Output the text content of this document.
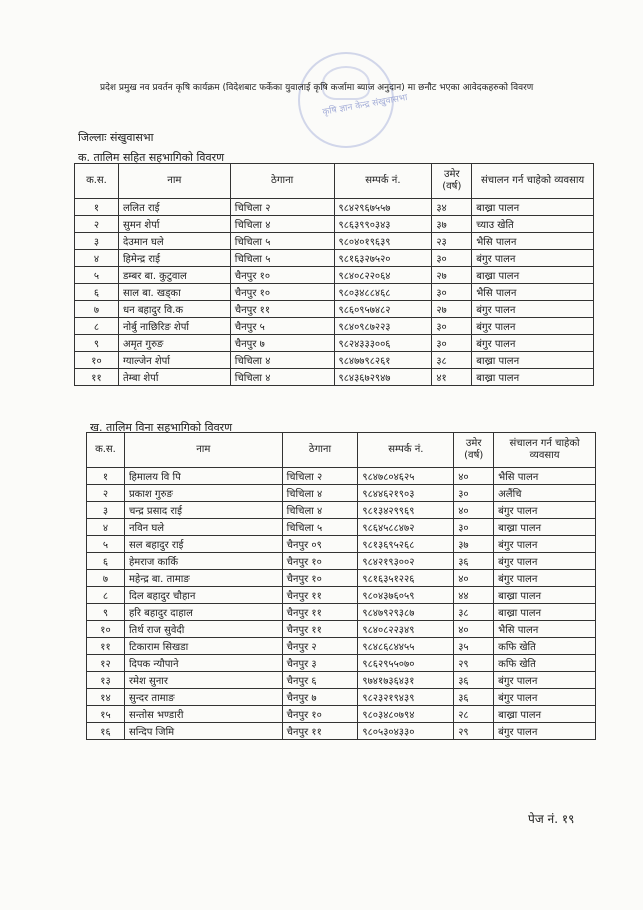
कृषि ज्ञान केन्द्र संखुवासभा
प्रदेश प्रमुख नव प्रवर्तन कृषि कार्यक्रम (विदेशबाट फर्केका युवालाई कृषि कर्जामा ब्याज अनुदान) मा छनौट भएका आवेदकहरुको विवरण
जिल्लाः संखुवासभा
क. तालिम सहित सहभागिको विवरण
क.स.	नाम	ठेगाना	सम्पर्क नं.	उमेर (वर्ष)	संचालन गर्न चाहेको व्यवसाय
१	ललित राई	चिचिला २	९८४२९६७५५७	३४	बाख्रा पालन
२	सुमन शेर्पा	चिचिला ४	९८६३९९०३४३	३७	च्याउ खेति
३	देउमान घले	चिचिला ५	९८०४०१९६३९	२३	भैसि पालन
४	हिमेन्द्र राई	चिचिला ५	९८१६३२७५२०	३०	बंगुर पालन
५	डम्बर बा. कुटुवाल	चैनपुर १०	९८४०८२२०६४	२७	बाख्रा पालन
६	साल बा. खड्का	चैनपुर १०	९८०३४८८४६८	३०	भैसि पालन
७	धन बहादुर वि.क	चैनपुर ११	९८६०९५७४८२	२७	बंगुर पालन
८	नोर्बु नाछिरिङ शेर्पा	चैनपुर ५	९८४०९८७२२३	३०	बंगुर पालन
९	अमृत गुरुङ	चैनपुर ७	९८२४३३३००६	३०	बंगुर पालन
१०	ग्याल्जेन शेर्पा	चिचिला ४	९८४७७९८२६१	३८	बाख्रा पालन
११	तेम्बा शेर्पा	चिचिला ४	९८४३६७२९४७	४१	बाख्रा पालन
ख. तालिम विना सहभागिको विवरण
क.स.	नाम	ठेगाना	सम्पर्क नं.	उमेर (वर्ष)	संचालन गर्न चाहेको व्यवसाय
१	हिमालय वि पि	चिचिला २	९८४७८०४६२५	४०	भैसि पालन
२	प्रकाश गुरुङ	चिचिला ४	९८४४६२१९०३	३०	अलैंचि
३	चन्द्र प्रसाद राई	चिचिला ४	९८१३४२९९६९	४०	बंगुर पालन
४	नविन घले	चिचिला ५	९८६४५८८४७२	३०	बाख्रा पालन
५	सल बहादुर राई	चैनपुर ०९	९८१३६९५२६८	३७	बंगुर पालन
६	हेमराज कार्कि	चैनपुर १०	९८४२१९३००२	३६	बंगुर पालन
७	महेन्द्र बा. तामाङ	चैनपुर १०	९८१६३५१२२६	४०	बंगुर पालन
८	दिल बहादुर चौहान	चैनपुर ११	९८०४३७६०५९	४४	बाख्रा पालन
९	हरि बहादुर दाहाल	चैनपुर ११	९८४७९२९३८७	३८	बाख्रा पालन
१०	तिर्थ राज सुवेदी	चैनपुर ११	९८४०८२२३४९	४०	भैसि पालन
११	टिकाराम सिखडा	चैनपुर २	९८४८६८४४५५	३५	कफि खेति
१२	दिपक न्यौपाने	चैनपुर ३	९८६२९५५०७०	२९	कफि खेति
१३	रमेश सुनार	चैनपुर ६	९७४१७३६४३१	३६	बंगुर पालन
१४	सुन्दर तामाङ	चैनपुर ७	९८२३२१९४३९	३६	बंगुर पालन
१५	सन्तोस भण्डारी	चैनपुर १०	९८०३४८०७९४	२८	बाख्रा पालन
१६	सन्दिप जिमि	चैनपुर ११	९८०५३०४३३०	२९	बंगुर पालन
पेज नं. १९
